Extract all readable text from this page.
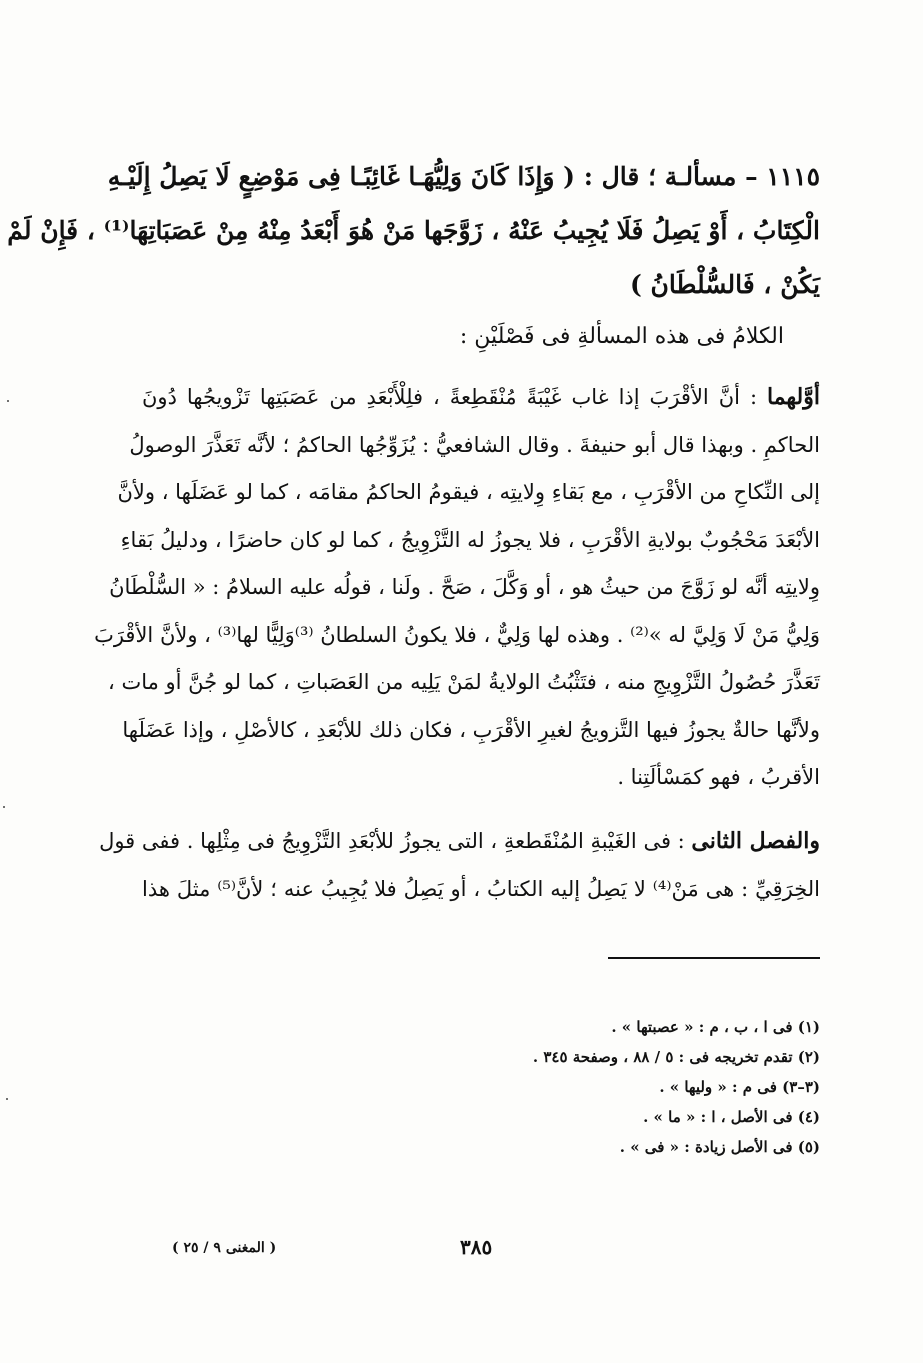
١١١٥ – مسألـة ؛ قال : ( وَإِذَا كَانَ وَلِيُّهَـا غَائِبًـا فِى مَوْضِعٍ لَا يَصِلُ إِلَيْـهِ
الْكِتَابُ ، أَوْ يَصِلُ فَلَا يُجِيبُ عَنْهُ ، زَوَّجَها مَنْ هُوَ أَبْعَدُ مِنْهُ مِنْ عَصَبَاتِهَا⁽¹⁾ ، فَإِنْ لَمْ
يَكُنْ ، فَالسُّلْطَانُ )
الكلامُ فى هذه المسألةِ فى فَصْلَيْنِ :
أوَّلهما : أنَّ الأقْرَبَ إذا غاب غَيْبَةً مُنْقَطِعةً ، فلِلْأَبْعَدِ من عَصَبَتِها تَزْويجُها دُونَ
الحاكمِ . وبهذا قال أبو حنيفةَ . وقال الشافعيُّ : يُزَوِّجُها الحاكمُ ؛ لأنَّه تَعَذَّرَ الوصولُ
إلى النِّكاحِ من الأقْرَبِ ، مع بَقاءِ وِلايتِه ، فيقومُ الحاكمُ مقامَه ، كما لو عَضَلَها ، ولأنَّ
الأبْعَدَ مَحْجُوبٌ بولايةِ الأقْرَبِ ، فلا يجوزُ له التَّزْوِيجُ ، كما لو كان حاضرًا ، ودليلُ بَقاءِ
وِلايتِه أنَّه لو زَوَّجَ من حيثُ هو ، أو وَكَّلَ ، صَحَّ . ولَنا ، قولُه عليه السلامُ : « السُّلْطَانُ
وَلِيُّ مَنْ لَا وَلِيَّ له »⁽²⁾ . وهذه لها وَلِيٌّ ، فلا يكونُ السلطانُ ⁽³⁾وَلِيًّا لها⁽³⁾ ، ولأنَّ الأقْرَبَ
تَعَذَّرَ حُصُولُ التَّزْوِيجِ منه ، فتَثْبُتُ الولايةُ لمَنْ يَلِيه من العَصَباتِ ، كما لو جُنَّ أو مات ،
ولأنَّها حالةٌ يجوزُ فيها التَّزويجُ لغيرِ الأقْرَبِ ، فكان ذلك للأبْعَدِ ، كالأصْلِ ، وإذا عَضَلَها
الأقربُ ، فهو كمَسْألَتِنا .
والفصل الثانى : فى الغَيْبةِ المُنْقَطعةِ ، التى يجوزُ للأبْعَدِ التَّزْوِيجُ فى مِثْلِها . ففى قول
الخِرَقِيِّ : هى مَنْ⁽⁴⁾ لا يَصِلُ إليه الكتابُ ، أو يَصِلُ فلا يُجِيبُ عنه ؛ لأنَّ⁽⁵⁾ مثلَ هذا
(١) فى ا ، ب ، م : « عصبتها » .
(٢) تقدم تخريجه فى : ٥ / ٨٨ ، وصفحة ٣٤٥ .
(٣–٣) فى م : « وليها » .
(٤) فى الأصل ، ا : « ما » .
(٥) فى الأصل زيادة : « فى » .
٣٨٥
( المغنى ٩ / ٢٥ )
